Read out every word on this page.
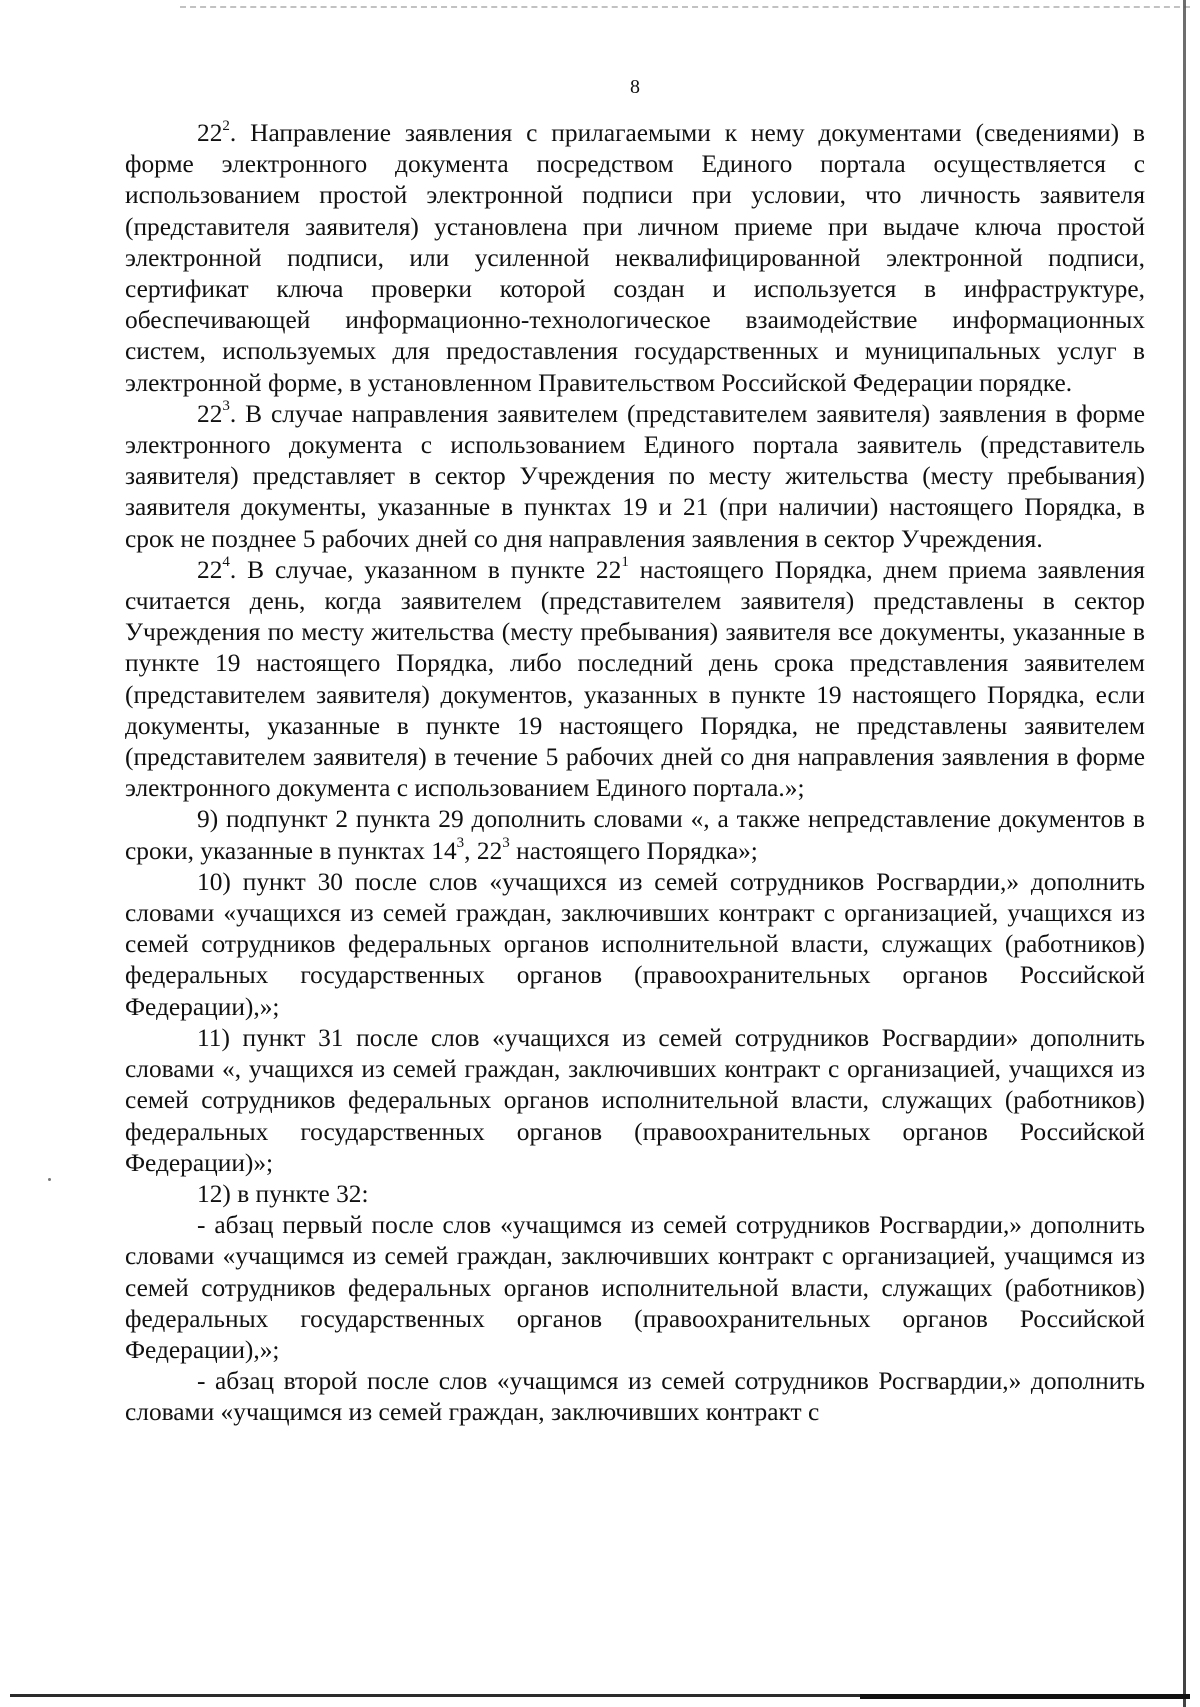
8

$22^2$. Направление заявления с прилагаемыми к нему документами (сведениями) в форме электронного документа посредством Единого портала осуществляется с использованием простой электронной подписи при условии, что личность заявителя (представителя заявителя) установлена при личном приеме при выдаче ключа простой электронной подписи, или усиленной неквалифицированной электронной подписи, сертификат ключа проверки которой создан и используется в инфраструктуре, обеспечивающей информационно-технологическое взаимодействие информационных систем, используемых для предоставления государственных и муниципальных услуг в электронной форме, в установленном Правительством Российской Федерации порядке.

$22^3$. В случае направления заявителем (представителем заявителя) заявления в форме электронного документа с использованием Единого портала заявитель (представитель заявителя) представляет в сектор Учреждения по месту жительства (месту пребывания) заявителя документы, указанные в пунктах 19 и 21 (при наличии) настоящего Порядка, в срок не позднее 5 рабочих дней со дня направления заявления в сектор Учреждения.

$22^4$. В случае, указанном в пункте $22^1$ настоящего Порядка, днем приема заявления считается день, когда заявителем (представителем заявителя) представлены в сектор Учреждения по месту жительства (месту пребывания) заявителя все документы, указанные в пункте 19 настоящего Порядка, либо последний день срока представления заявителем (представителем заявителя) документов, указанных в пункте 19 настоящего Порядка, если документы, указанные в пункте 19 настоящего Порядка, не представлены заявителем (представителем заявителя) в течение 5 рабочих дней со дня направления заявления в форме электронного документа с использованием Единого портала.»;

9) подпункт 2 пункта 29 дополнить словами «, а также непредставление документов в сроки, указанные в пунктах $14^3$, $22^3$ настоящего Порядка»;

10) пункт 30 после слов «учащихся из семей сотрудников Росгвардии,» дополнить словами «учащихся из семей граждан, заключивших контракт с организацией, учащихся из семей сотрудников федеральных органов исполнительной власти, служащих (работников) федеральных государственных органов (правоохранительных органов Российской Федерации),»;

11) пункт 31 после слов «учащихся из семей сотрудников Росгвардии» дополнить словами «, учащихся из семей граждан, заключивших контракт с организацией, учащихся из семей сотрудников федеральных органов исполнительной власти, служащих (работников) федеральных государственных органов (правоохранительных органов Российской Федерации)»;

12) в пункте 32:

- абзац первый после слов «учащимся из семей сотрудников Росгвардии,» дополнить словами «учащимся из семей граждан, заключивших контракт с организацией, учащимся из семей сотрудников федеральных органов исполнительной власти, служащих (работников) федеральных государственных органов (правоохранительных органов Российской Федерации),»;

- абзац второй после слов «учащимся из семей сотрудников Росгвардии,» дополнить словами «учащимся из семей граждан, заключивших контракт с
